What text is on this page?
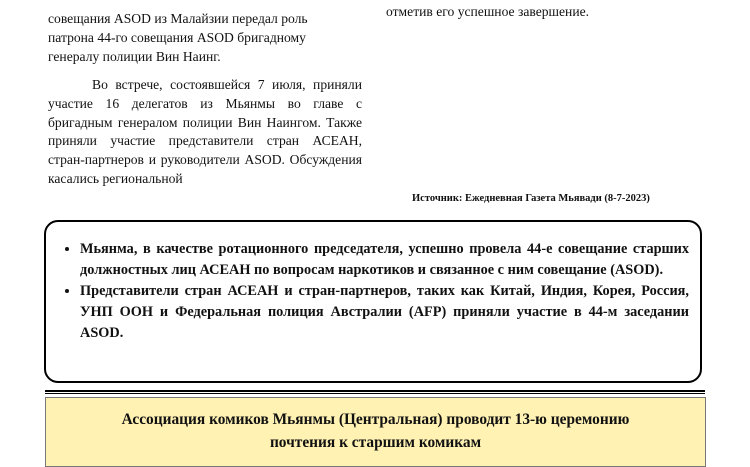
совещания ASOD из Малайзии передал роль
патрона 44-го совещания ASOD бригадному
генералу полиции Вин Наинг.

Во встрече, состоявшейся 7 июля, приняли участие 16 делегатов из Мьянмы во главе с бригадным генералом полиции Вин Наингом. Также приняли участие представители стран АСЕАН, стран-партнеров и руководители ASOD. Обсуждения касались региональной

отметив его успешное завершение.
Источник: Ежедневная Газета Мьявади (8-7-2023)
• Мьянма, в качестве ротационного председателя, успешно провела 44-е совещание старших должностных лиц АСЕАН по вопросам наркотиков и связанное с ним совещание (ASOD).
• Представители стран АСЕАН и стран-партнеров, таких как Китай, Индия, Корея, Россия, УНП ООН и Федеральная полиция Австралии (AFP) приняли участие в 44-м заседании ASOD.
Ассоциация комиков Мьянмы (Центральная) проводит 13-ю церемонию
почтения к старшим комикам
